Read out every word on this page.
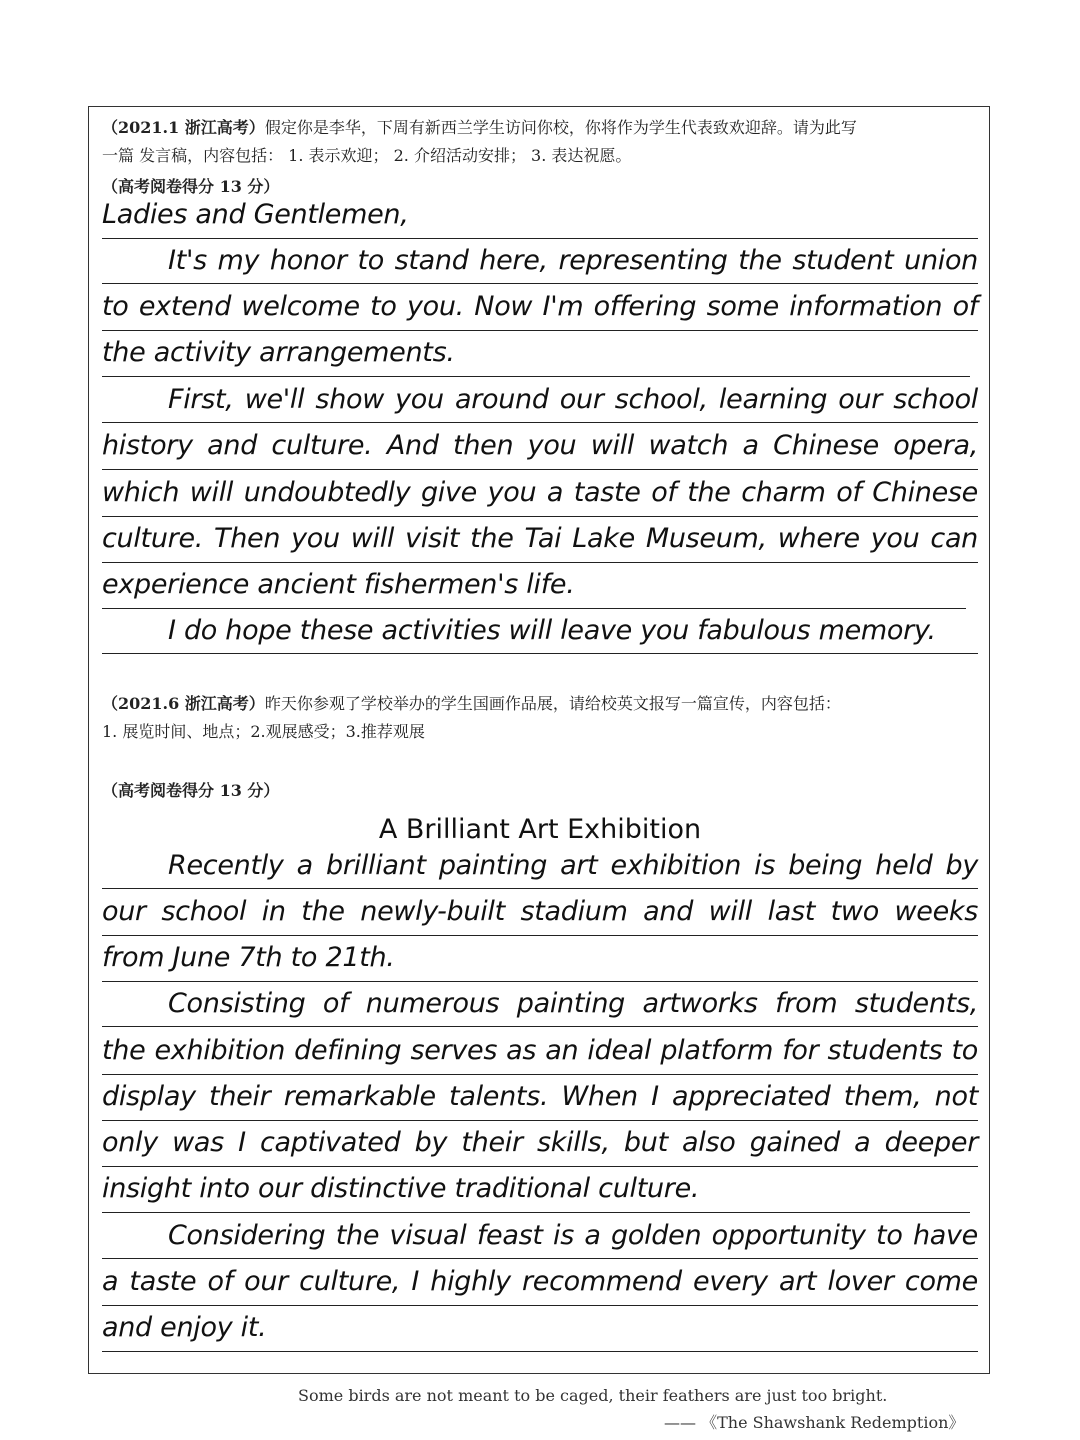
（2021.1 浙江高考）假定你是李华，下周有新西兰学生访问你校，你将作为学生代表致欢迎辞。请为此写
一篇 发言稿，内容包括： 1. 表示欢迎； 2. 介绍活动安排； 3. 表达祝愿。
（高考阅卷得分 13 分）
Ladies and Gentlemen,
It's my honor to stand here, representing the student union
to extend welcome to you. Now I'm offering some information of
the activity arrangements.
First, we'll show you around our school, learning our school
history and culture. And then you will watch a Chinese opera,
which will undoubtedly give you a taste of the charm of Chinese
culture. Then you will visit the Tai Lake Museum, where you can
experience ancient fishermen's life.
I do hope these activities will leave you fabulous memory.
（2021.6 浙江高考）昨天你参观了学校举办的学生国画作品展，请给校英文报写一篇宣传，内容包括：
1. 展览时间、地点；2.观展感受；3.推荐观展
（高考阅卷得分 13 分）
A Brilliant Art Exhibition
Recently a brilliant painting art exhibition is being held by
our school in the newly-built stadium and will last two weeks
from June 7th to 21th.
Consisting of numerous painting artworks from students,
the exhibition defining serves as an ideal platform for students to
display their remarkable talents. When I appreciated them, not
only was I captivated by their skills, but also gained a deeper
insight into our distinctive traditional culture.
Considering the visual feast is a golden opportunity to have
a taste of our culture, I highly recommend every art lover come
and enjoy it.
Some birds are not meant to be caged, their feathers are just too bright.
—— 《The Shawshank Redemption》
